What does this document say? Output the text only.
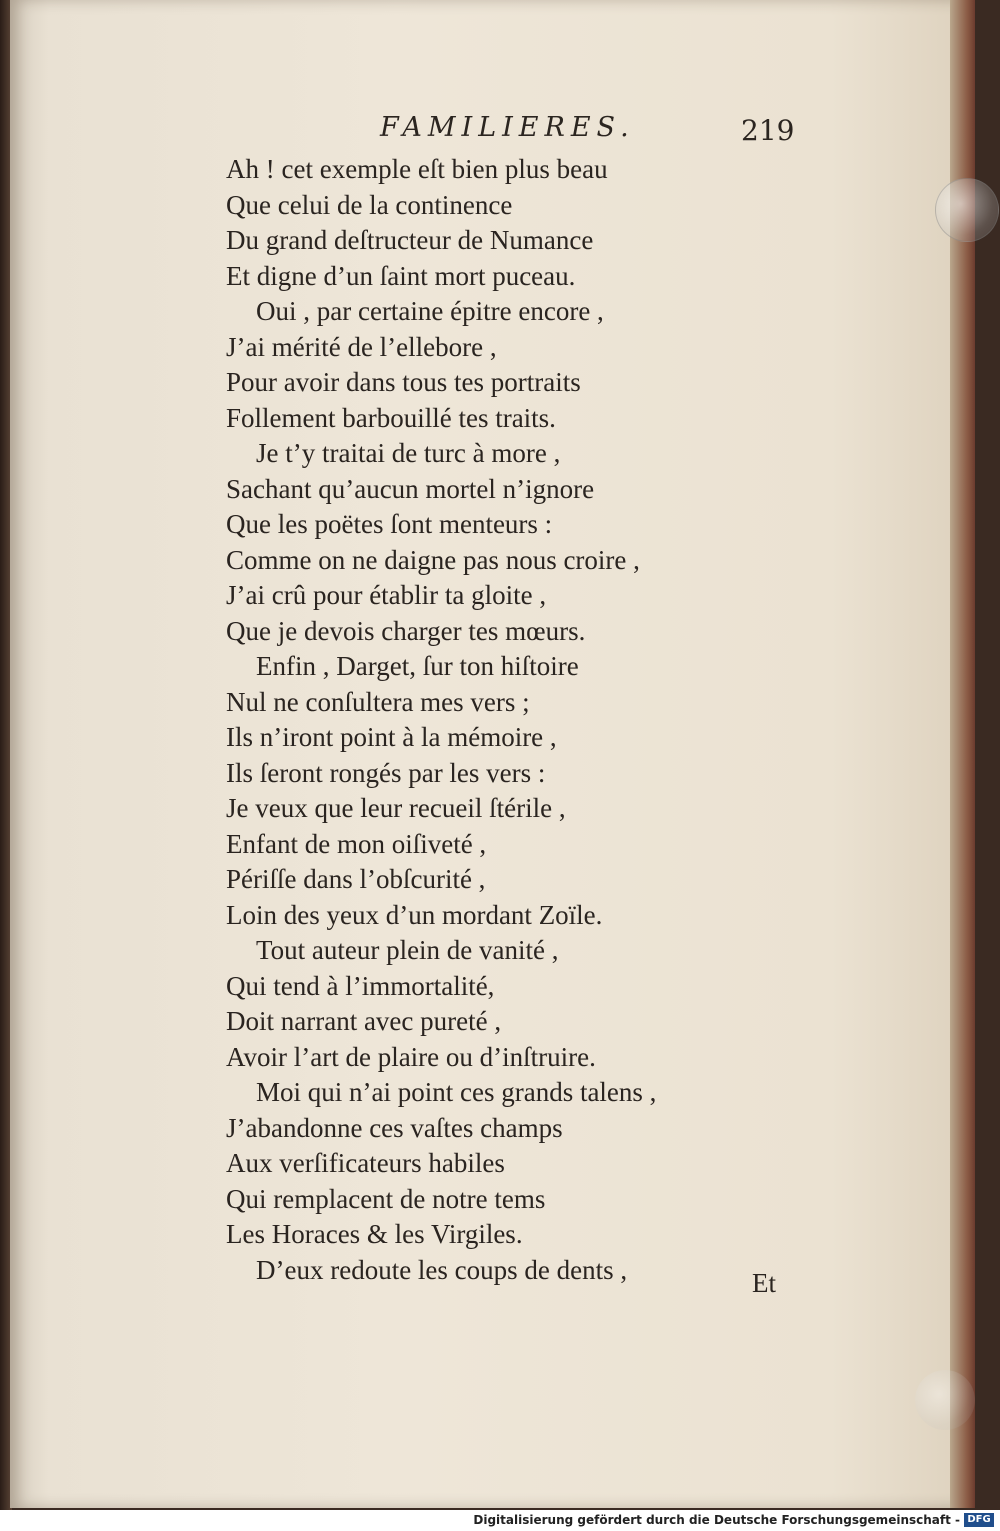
FAMILIERES.	219
Ah ! cet exemple eſt bien plus beau
Que celui de la continence
Du grand deſtructeur de Numance
Et digne d’un ſaint mort puceau.
Oui , par certaine épitre encore ,
J’ai mérité de l’ellebore ,
Pour avoir dans tous tes portraits
Follement barbouillé tes traits.
Je t’y traitai de turc à more ,
Sachant qu’aucun mortel n’ignore
Que les poëtes ſont menteurs :
Comme on ne daigne pas nous croire ,
J’ai crû pour établir ta gloite ,
Que je devois charger tes mœurs.
Enfin , Darget, ſur ton hiſtoire
Nul ne conſultera mes vers ;
Ils n’iront point à la mémoire ,
Ils ſeront rongés par les vers :
Je veux que leur recueil ſtérile ,
Enfant de mon oiſiveté ,
Périſſe dans l’obſcurité ,
Loin des yeux d’un mordant Zoïle.
Tout auteur plein de vanité ,
Qui tend à l’immortalité,
Doit narrant avec pureté ,
Avoir l’art de plaire ou d’inſtruire.
Moi qui n’ai point ces grands talens ,
J’abandonne ces vaſtes champs
Aux verſificateurs habiles
Qui remplacent de notre tems
Les Horaces & les Virgiles.
D’eux redoute les coups de dents ,	Et
Digitalisierung gefördert durch die Deutsche Forschungsgemeinschaft - DFG
